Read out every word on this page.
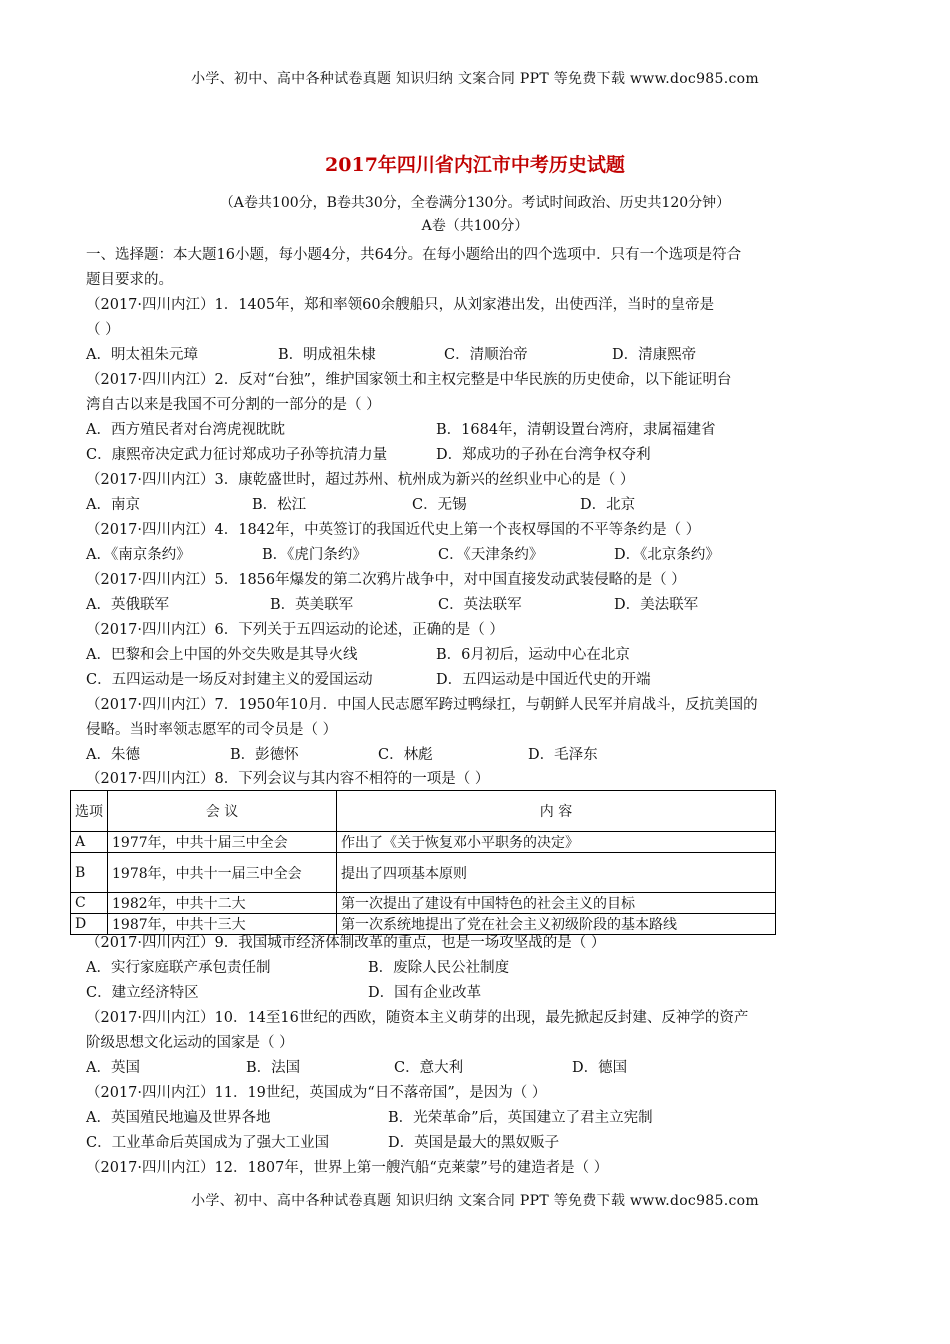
小学、初中、高中各种试卷真题 知识归纳 文案合同 PPT 等免费下载 www.doc985.com
2017年四川省内江市中考历史试题
（A卷共100分，B卷共30分，全卷满分130分。考试时间政治、历史共120分钟）
A卷（共100分）
一、选择题：本大题16小题，每小题4分，共64分。在每小题给出的四个选项中．只有一个选项是符合
题目要求的。
（2017·四川内江）1．1405年，郑和率领60余艘船只，从刘家港出发，出使西洋，当时的皇帝是
（ ）
A．明太祖朱元璋	B．明成祖朱棣	C．清顺治帝	D．清康熙帝
（2017·四川内江）2．反对“台独”，维护国家领土和主权完整是中华民族的历史使命，以下能证明台
湾自古以来是我国不可分割的一部分的是（ ）
A．西方殖民者对台湾虎视眈眈	B．1684年，清朝设置台湾府，隶属福建省
C．康熙帝决定武力征讨郑成功子孙等抗清力量	D．郑成功的子孙在台湾争权夺利
（2017·四川内江）3．康乾盛世时，超过苏州、杭州成为新兴的丝织业中心的是（ ）
A．南京	B．松江	C．无锡	D．北京
（2017·四川内江）4．1842年，中英签订的我国近代史上第一个丧权辱国的不平等条约是（ ）
A．《南京条约》	B．《虎门条约》	C．《天津条约》	D．《北京条约》
（2017·四川内江）5．1856年爆发的第二次鸦片战争中，对中国直接发动武装侵略的是（ ）
A．英俄联军	B．英美联军	C．英法联军	D．美法联军
（2017·四川内江）6．下列关于五四运动的论述，正确的是（ ）
A．巴黎和会上中国的外交失败是其导火线	B．6月初后，运动中心在北京
C．五四运动是一场反对封建主义的爱国运动	D．五四运动是中国近代史的开端
（2017·四川内江）7．1950年10月．中国人民志愿军跨过鸭绿扛，与朝鲜人民军并肩战斗，反抗美国的
侵略。当时率领志愿军的司令员是（ ）
A．朱德	B．彭德怀	C．林彪	D．毛泽东
（2017·四川内江）8．下列会议与其内容不相符的一项是（ ）
选项	会 议	内 容
A	1977年，中共十届三中全会	作出了《关于恢复邓小平职务的决定》
B	1978年，中共十一届三中全会	提出了四项基本原则
C	1982年，中共十二大	第一次提出了建设有中国特色的社会主义的目标
D	1987年，中共十三大	第一次系统地提出了党在社会主义初级阶段的基本路线
（2017·四川内江）9．我国城市经济体制改革的重点，也是一场攻坚战的是（ ）
A．实行家庭联产承包责任制	B．废除人民公社制度
C．建立经济特区	D．国有企业改革
（2017·四川内江）10．14至16世纪的西欧，随资本主义萌芽的出现，最先掀起反封建、反神学的资产
阶级思想文化运动的国家是（ ）
A．英国	B．法国	C．意大利	D．德国
（2017·四川内江）11．19世纪，英国成为“日不落帝国”，是因为（ ）
A．英国殖民地遍及世界各地	B．光荣革命”后，英国建立了君主立宪制
C．工业革命后英国成为了强大工业国	D．英国是最大的黑奴贩子
（2017·四川内江）12．1807年，世界上第一艘汽船“克莱蒙”号的建造者是（ ）
小学、初中、高中各种试卷真题 知识归纳 文案合同 PPT 等免费下载 www.doc985.com
